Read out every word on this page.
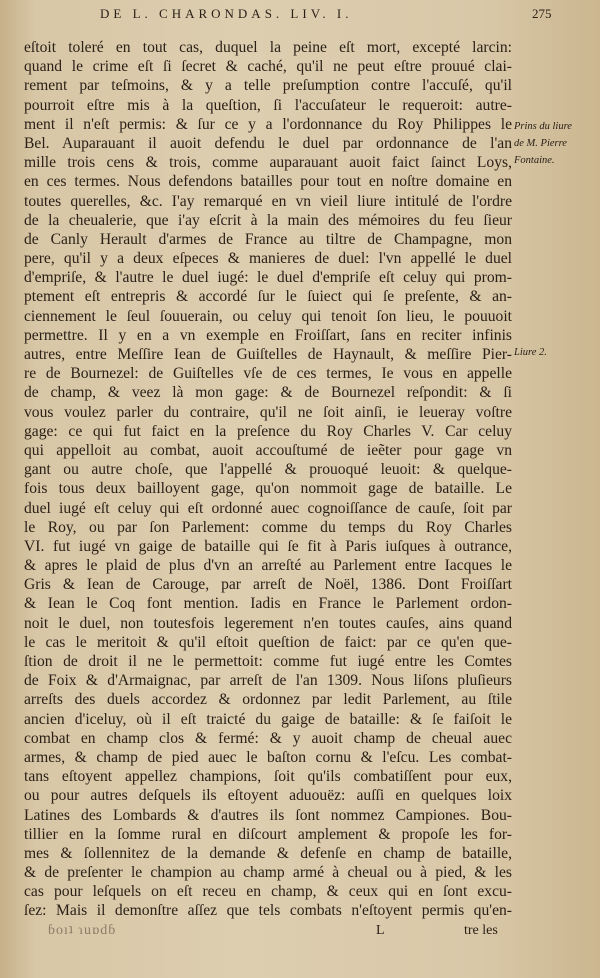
DE L. CHARONDAS. LIV. I.	275
eſtoit toleré en tout cas, duquel la peine eſt mort, excepté larcin:
quand le crime eſt ſi ſecret & caché, qu'il ne peut eſtre prouué clai-
rement par teſmoins, & y a telle preſumption contre l'accuſé, qu'il
pourroit eſtre mis à la queſtion, ſi l'accuſateur le requeroit: autre-
ment il n'eſt permis: & ſur ce y a l'ordonnance du Roy Philippes le
Bel. Auparauant il auoit defendu le duel par ordonnance de l'an
mille trois cens & trois, comme auparauant auoit faict ſainct Loys,
en ces termes. Nous defendons batailles pour tout en noſtre domaine en
toutes querelles, &c. I'ay remarqué en vn vieil liure intitulé de l'ordre
de la cheualerie, que i'ay eſcrit à la main des mémoires du feu ſieur
de Canly Herault d'armes de France au tiltre de Champagne, mon
pere, qu'il y a deux eſpeces & manieres de duel: l'vn appellé le duel
d'empriſe, & l'autre le duel iugé: le duel d'empriſe eſt celuy qui prom-
ptement eſt entrepris & accordé ſur le ſuiect qui ſe preſente, & an-
ciennement le ſeul ſouuerain, ou celuy qui tenoit ſon lieu, le pouuoit
permettre. Il y en a vn exemple en Froiſſart, ſans en reciter infinis
autres, entre Meſſire Iean de Guiſtelles de Haynault, & meſſire Pier-
re de Bournezel: de Guiſtelles vſe de ces termes, Ie vous en appelle
de champ, & veez là mon gage: & de Bournezel reſpondit: & ſi
vous voulez parler du contraire, qu'il ne ſoit ainſi, ie leueray voſtre
gage: ce qui fut faict en la preſence du Roy Charles V. Car celuy
qui appelloit au combat, auoit accouſtumé de ieẽter pour gage vn
gant ou autre choſe, que l'appellé & prouoqué leuoit: & quelque-
fois tous deux bailloyent gage, qu'on nommoit gage de bataille. Le
duel iugé eſt celuy qui eſt ordonné auec cognoiſſance de cauſe, ſoit par
le Roy, ou par ſon Parlement: comme du temps du Roy Charles
VI. fut iugé vn gaige de bataille qui ſe fit à Paris iuſques à outrance,
& apres le plaid de plus d'vn an arreſté au Parlement entre Iacques le
Gris & Iean de Carouge, par arreſt de Noël, 1386. Dont Froiſſart
& Iean le Coq font mention. Iadis en France le Parlement ordon-
noit le duel, non toutesfois legerement n'en toutes cauſes, ains quand
le cas le meritoit & qu'il eſtoit queſtion de faict: par ce qu'en que-
ſtion de droit il ne le permettoit: comme fut iugé entre les Comtes
de Foix & d'Armaignac, par arreſt de l'an 1309. Nous liſons pluſieurs
arreſts des duels accordez & ordonnez par ledit Parlement, au ſtile
ancien d'iceluy, où il eſt traicté du gaige de bataille: & ſe faiſoit le
combat en champ clos & fermé: & y auoit champ de cheual auec
armes, & champ de pied auec le baſton cornu & l'eſcu. Les combat-
tans eſtoyent appellez champions, ſoit qu'ils combatiſſent pour eux,
ou pour autres deſquels ils eſtoyent aduouëz: auſſi en quelques loix
Latines des Lombards & d'autres ils ſont nommez Campiones. Bou-
tillier en la ſomme rural en diſcourt amplement & propoſe les for-
mes & ſollennitez de la demande & defenſe en champ de bataille,
& de preſenter le champion au champ armé à cheual ou à pied, & les
cas pour leſquels on eſt receu en champ, & ceux qui en ſont excu-
ſez: Mais il demonſtre aſſez que tels combats n'eſtoyent permis qu'en-
ɓoıʇ ɿuɒdɓ	L	tre les
Prins du liure
de M. Pierre
Fontaine.
Liure 2.
